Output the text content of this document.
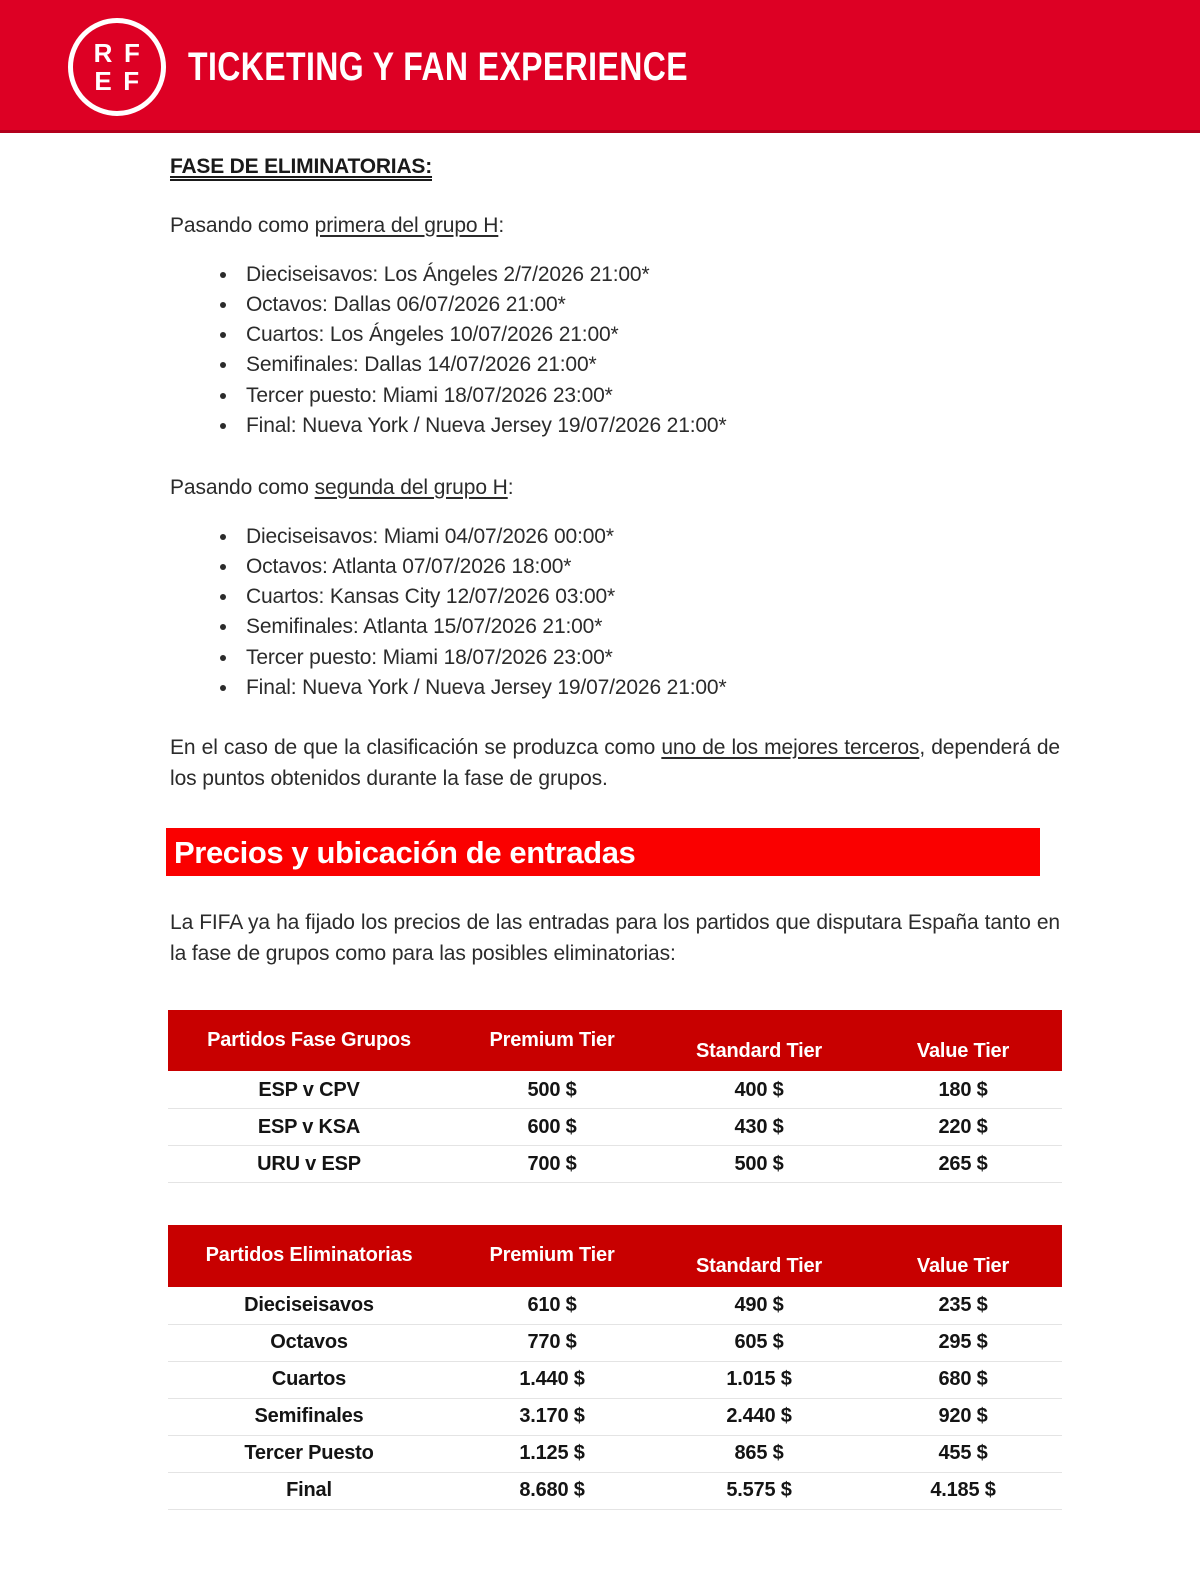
R F
E F TICKETING Y FAN EXPERIENCE
FASE DE ELIMINATORIAS:

Pasando como primera del grupo H:

Dieciseisavos: Los Ángeles 2/7/2026 21:00*
Octavos: Dallas 06/07/2026 21:00*
Cuartos: Los Ángeles 10/07/2026 21:00*
Semifinales: Dallas 14/07/2026 21:00*
Tercer puesto: Miami 18/07/2026 23:00*
Final: Nueva York / Nueva Jersey 19/07/2026 21:00*

Pasando como segunda del grupo H:

Dieciseisavos: Miami 04/07/2026 00:00*
Octavos: Atlanta 07/07/2026 18:00*
Cuartos: Kansas City 12/07/2026 03:00*
Semifinales: Atlanta 15/07/2026 21:00*
Tercer puesto: Miami 18/07/2026 23:00*
Final: Nueva York / Nueva Jersey 19/07/2026 21:00*

En el caso de que la clasificación se produzca como uno de los mejores terceros, dependerá de los puntos obtenidos durante la fase de grupos.

Precios y ubicación de entradas

La FIFA ya ha fijado los precios de las entradas para los partidos que disputara España tanto en la fase de grupos como para las posibles eliminatorias:

Partidos Fase Grupos	Premium Tier	Standard Tier	Value Tier
ESP v CPV	500 $	400 $	180 $
ESP v KSA	600 $	430 $	220 $
URU v ESP	700 $	500 $	265 $
Partidos Eliminatorias	Premium Tier	Standard Tier	Value Tier
Dieciseisavos	610 $	490 $	235 $
Octavos	770 $	605 $	295 $
Cuartos	1.440 $	1.015 $	680 $
Semifinales	3.170 $	2.440 $	920 $
Tercer Puesto	1.125 $	865 $	455 $
Final	8.680 $	5.575 $	4.185 $
